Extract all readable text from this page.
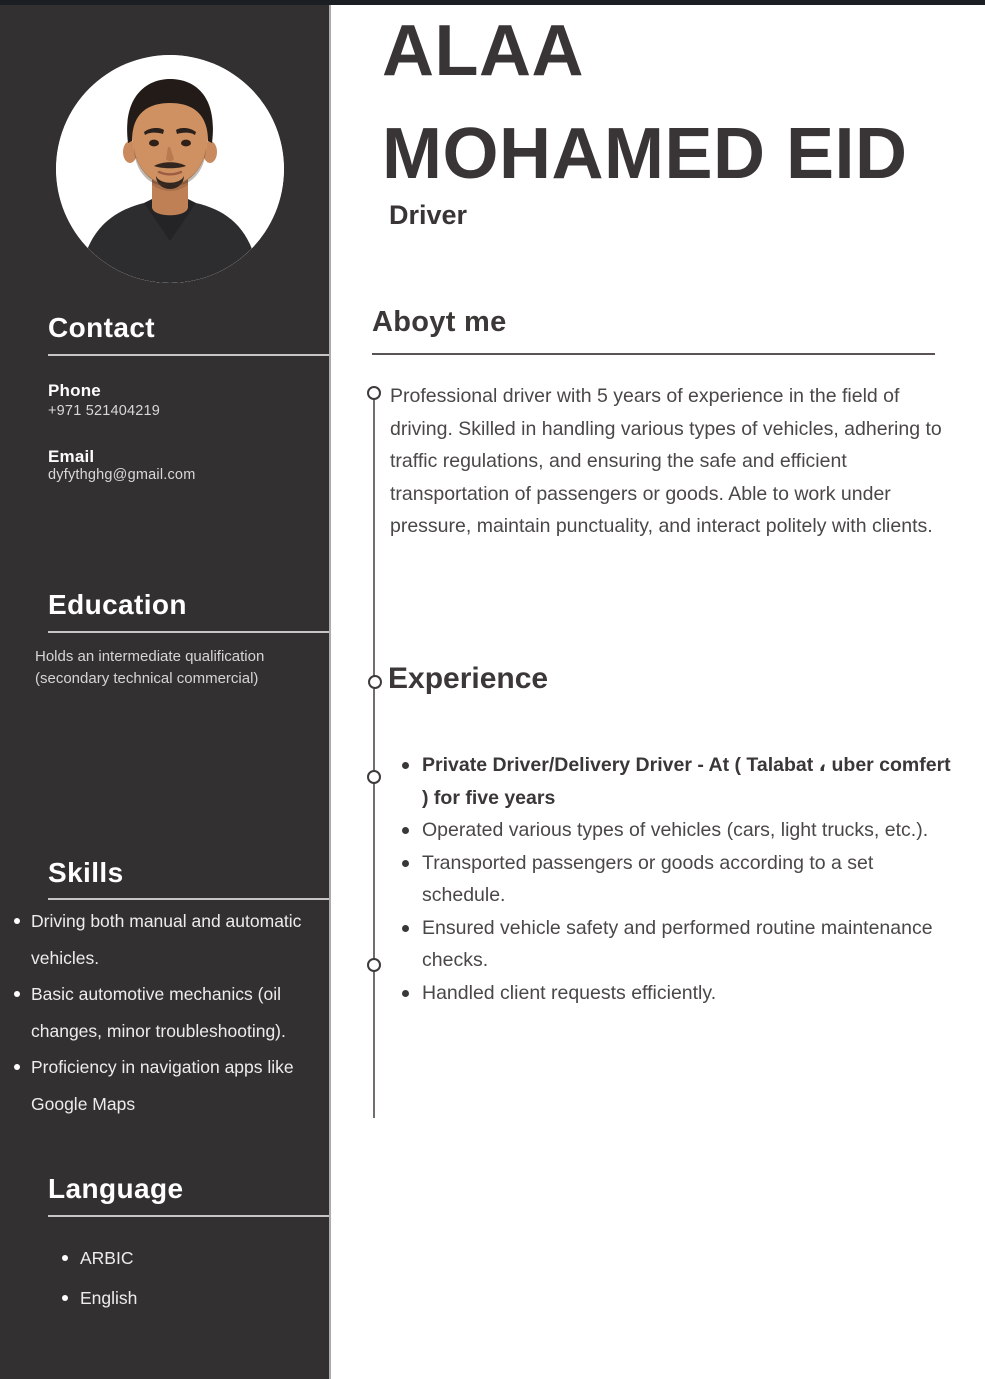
Contact
Phone
+971 521404219
Email
dyfythghg@gmail.com
Education

Holds an intermediate qualification (secondary technical commercial)

Skills
Driving both manual and automatic vehicles.
Basic automotive mechanics (oil changes, minor troubleshooting).
Proficiency in navigation apps like Google Maps
Language
ARBIC
English
ALAA
MOHAMED EID
Driver
Aboyt me

Professional driver with 5 years of experience in the field of driving. Skilled in handling various types of vehicles, adhering to traffic regulations, and ensuring the safe and efficient transportation of passengers or goods. Able to work under pressure, maintain punctuality, and interact politely with clients.

Experience
Private Driver/Delivery Driver - At ( Talabat ، uber comfert ) for five years
Operated various types of vehicles (cars, light trucks, etc.).
Transported passengers or goods according to a set schedule.
Ensured vehicle safety and performed routine maintenance checks.
Handled client requests efficiently.
